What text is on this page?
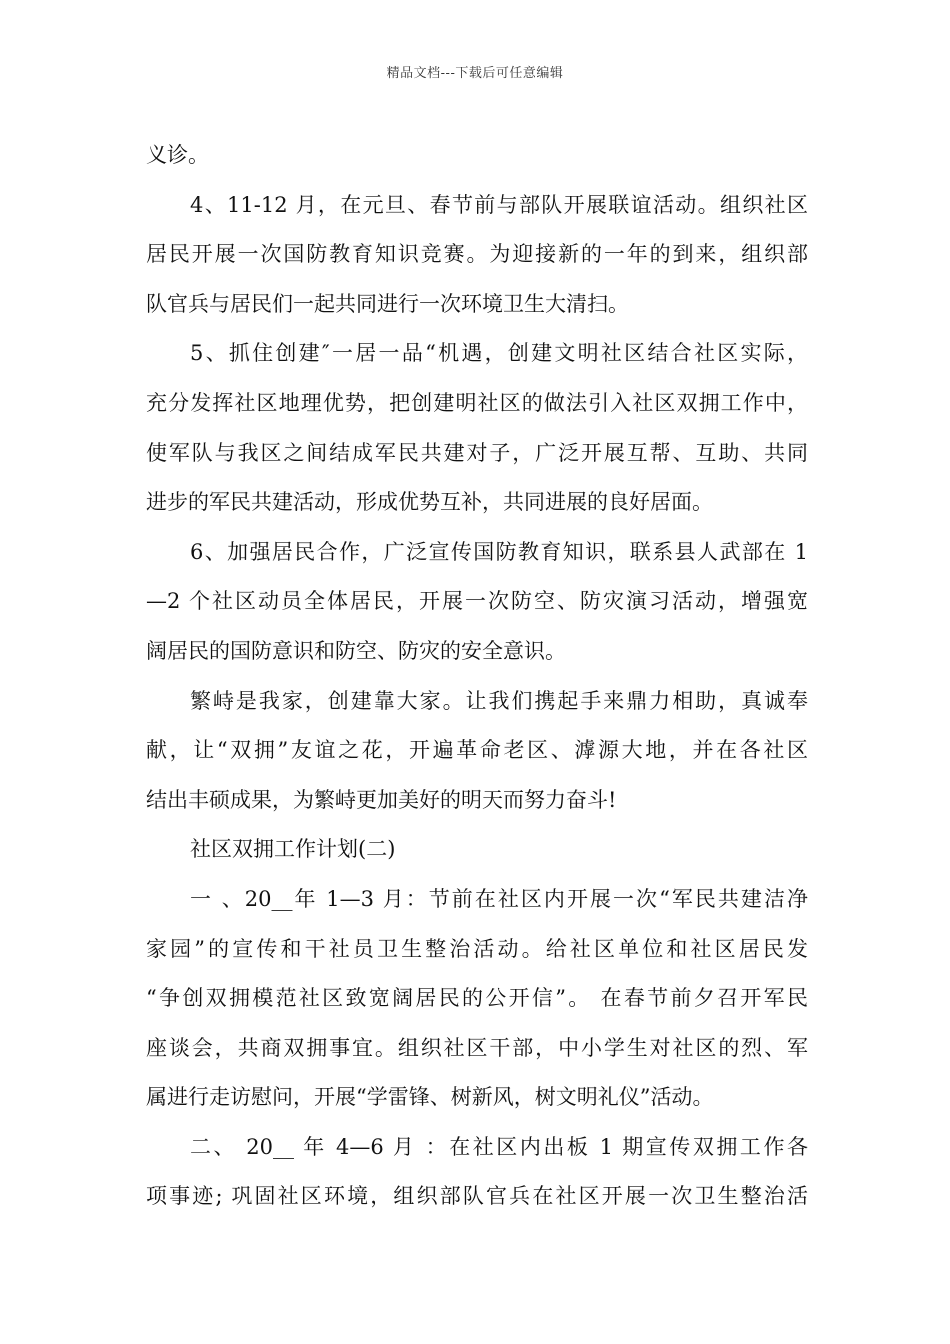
精品文档---下载后可任意编辑
义诊。
4、11-12 月，在元旦、春节前与部队开展联谊活动。组织社区
居民开展一次国防教育知识竞赛。为迎接新的一年的到来，组织部
队官兵与居民们一起共同进行一次环境卫生大清扫。
5、抓住创建″一居一品“机遇，创建文明社区结合社区实际，
充分发挥社区地理优势，把创建明社区的做法引入社区双拥工作中，
使军队与我区之间结成军民共建对子，广泛开展互帮、互助、共同
进步的军民共建活动，形成优势互补，共同进展的良好居面。
6、加强居民合作，广泛宣传国防教育知识，联系县人武部在 1
—2 个社区动员全体居民，开展一次防空、防灾演习活动，增强宽
阔居民的国防意识和防空、防灾的安全意识。
繁峙是我家，创建靠大家。让我们携起手来鼎力相助，真诚奉
献，让“双拥”友谊之花，开遍革命老区、滹源大地，并在各社区
结出丰硕成果，为繁峙更加美好的明天而努力奋斗!
社区双拥工作计划(二)
一 、20__年 1—3 月：节前在社区内开展一次“军民共建洁净
家园”的宣传和干社员卫生整治活动。给社区单位和社区居民发
“争创双拥模范社区致宽阔居民的公开信”。 在春节前夕召开军民
座谈会，共商双拥事宜。组织社区干部，中小学生对社区的烈、军
属进行走访慰问，开展“学雷锋、树新风，树文明礼仪”活动。
二、 20__ 年 4—6 月 ：在社区内出板 1 期宣传双拥工作各
项事迹; 巩固社区环境，组织部队官兵在社区开展一次卫生整治活
